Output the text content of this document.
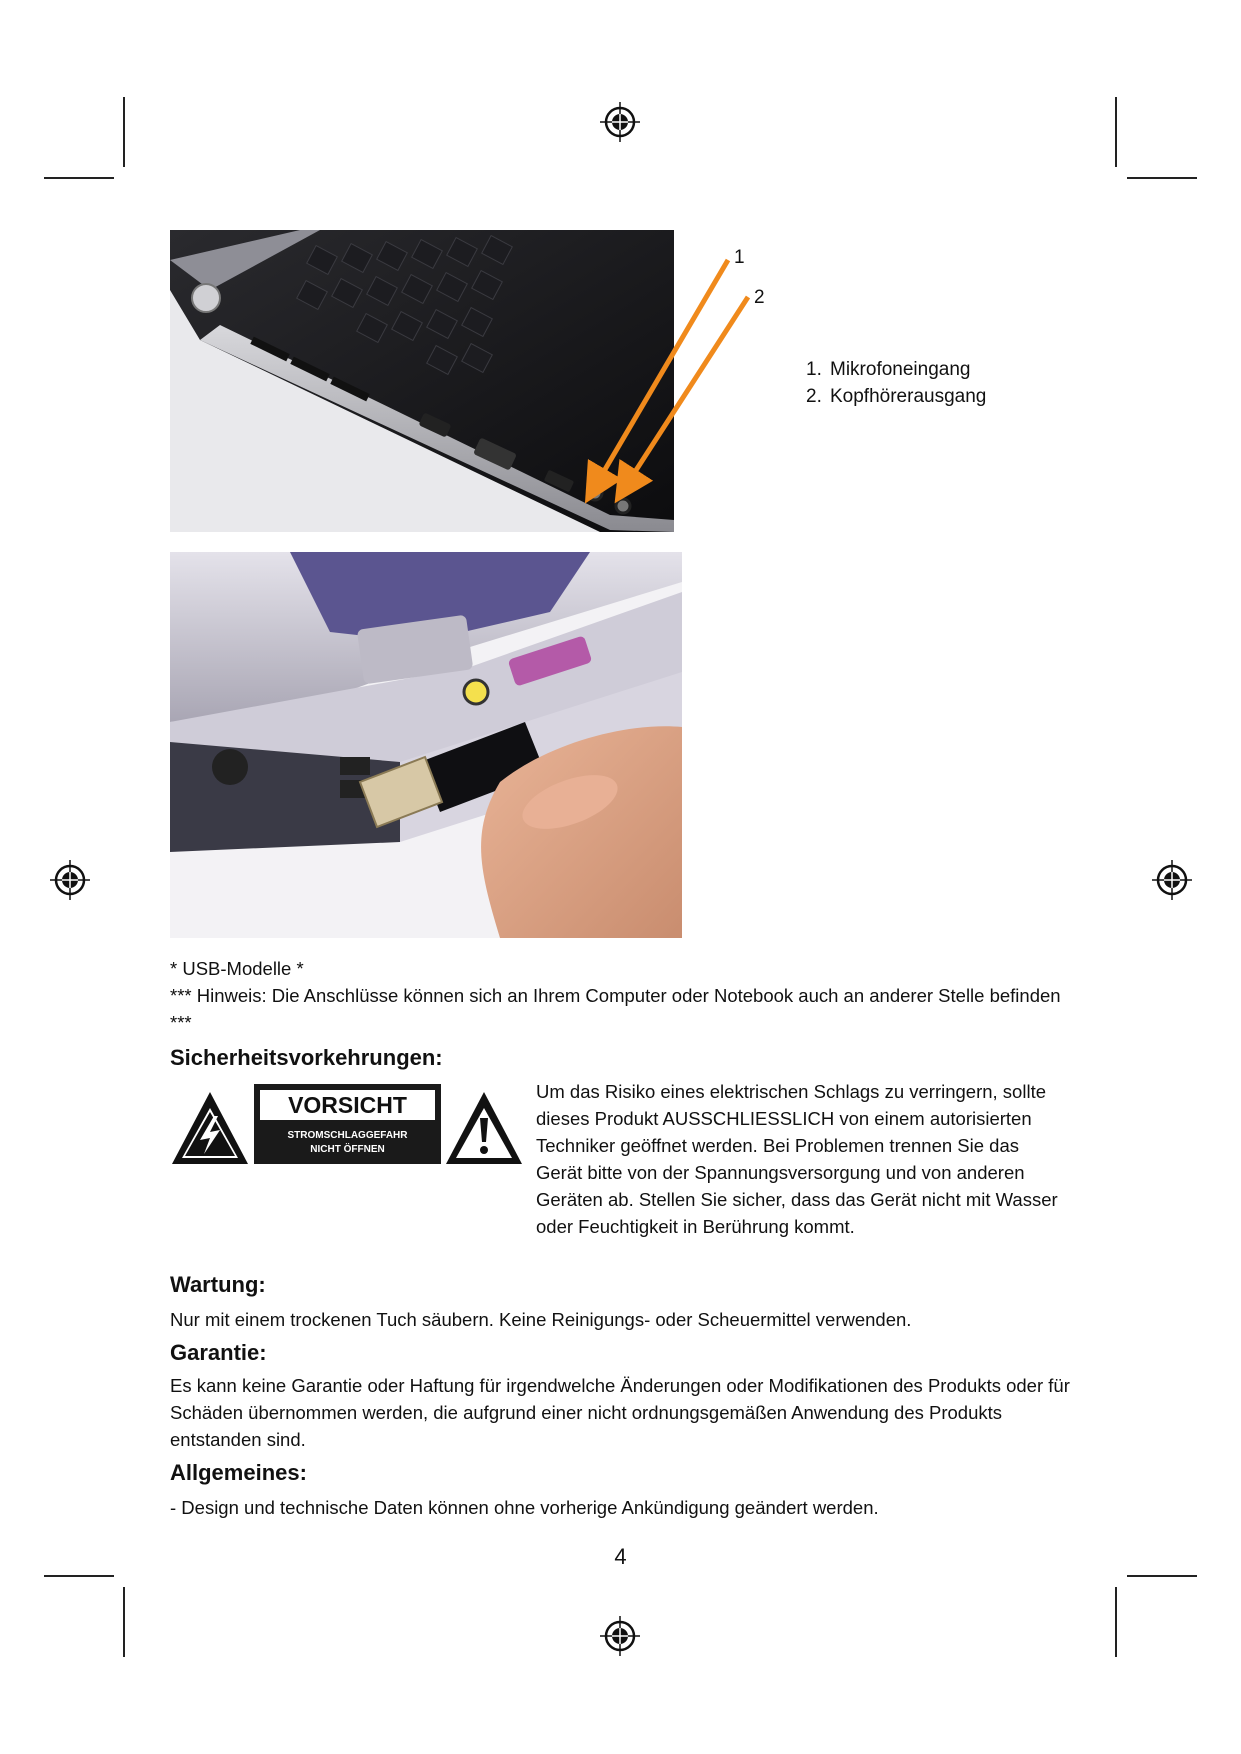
1
2
1. Mikrofoneingang
2. Kopfhörerausgang
* USB-Modelle *
*** Hinweis: Die Anschlüsse können sich an Ihrem Computer oder Notebook auch an anderer Stelle befinden ***
Sicherheitsvorkehrungen:
VORSICHT
STROMSCHLAGGEFAHR
NICHT ÖFFNEN
Um das Risiko eines elektrischen Schlags zu verringern, sollte dieses Produkt AUSSCHLIESSLICH von einem autorisierten Techniker geöffnet werden. Bei Problemen trennen Sie das Gerät bitte von der Spannungsversorgung und von anderen Geräten ab. Stellen Sie sicher, dass das Gerät nicht mit Wasser oder Feuchtigkeit in Berührung kommt.
Wartung:
Nur mit einem trockenen Tuch säubern. Keine Reinigungs- oder Scheuermittel verwenden.
Garantie:
Es kann keine Garantie oder Haftung für irgendwelche Änderungen oder Modifikationen des Produkts oder für Schäden übernommen werden, die aufgrund einer nicht ordnungsgemäßen Anwendung des Produkts entstanden sind.
Allgemeines:
- Design und technische Daten können ohne vorherige Ankündigung geändert werden.
4
